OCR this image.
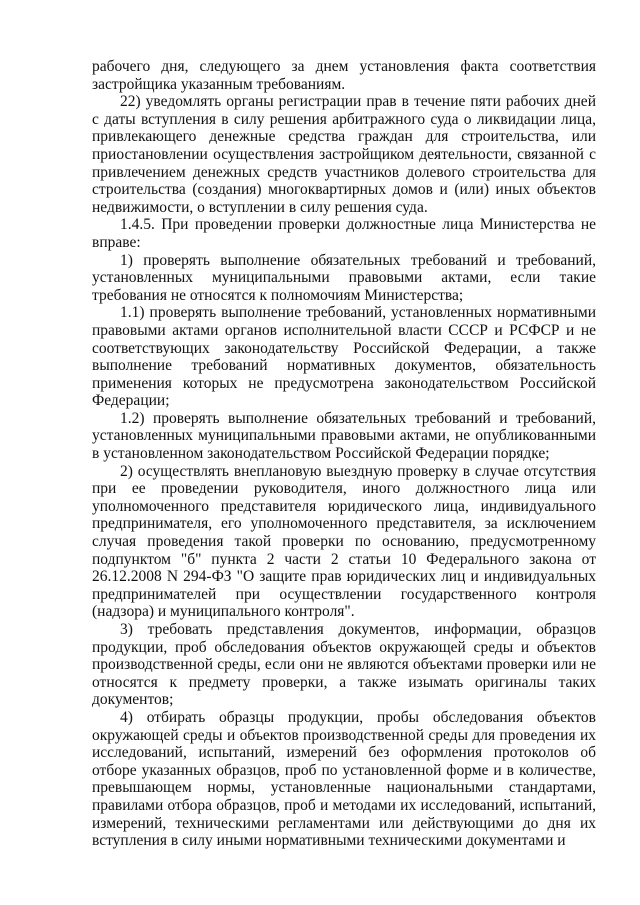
рабочего дня, следующего за днем установления факта соответствия застройщика указанным требованиям.

22) уведомлять органы регистрации прав в течение пяти рабочих дней с даты вступления в силу решения арбитражного суда о ликвидации лица, привлекающего денежные средства граждан для строительства, или приостановлении осуществления застройщиком деятельности, связанной с привлечением денежных средств участников долевого строительства для строительства (создания) многоквартирных домов и (или) иных объектов недвижимости, о вступлении в силу решения суда.

1.4.5. При проведении проверки должностные лица Министерства не вправе:

1) проверять выполнение обязательных требований и требований, установленных муниципальными правовыми актами, если такие требования не относятся к полномочиям Министерства;

1.1) проверять выполнение требований, установленных нормативными правовыми актами органов исполнительной власти СССР и РСФСР и не соответствующих законодательству Российской Федерации, а также выполнение требований нормативных документов, обязательность применения которых не предусмотрена законодательством Российской Федерации;

1.2) проверять выполнение обязательных требований и требований, установленных муниципальными правовыми актами, не опубликованными в установленном законодательством Российской Федерации порядке;

2) осуществлять внеплановую выездную проверку в случае отсутствия при ее проведении руководителя, иного должностного лица или уполномоченного представителя юридического лица, индивидуального предпринимателя, его уполномоченного представителя, за исключением случая проведения такой проверки по основанию, предусмотренному подпунктом "б" пункта 2 части 2 статьи 10 Федерального закона от 26.12.2008 N 294-ФЗ "О защите прав юридических лиц и индивидуальных предпринимателей при осуществлении государственного контроля (надзора) и муниципального контроля".

3) требовать представления документов, информации, образцов продукции, проб обследования объектов окружающей среды и объектов производственной среды, если они не являются объектами проверки или не относятся к предмету проверки, а также изымать оригиналы таких документов;

4) отбирать образцы продукции, пробы обследования объектов окружающей среды и объектов производственной среды для проведения их исследований, испытаний, измерений без оформления протоколов об отборе указанных образцов, проб по установленной форме и в количестве, превышающем нормы, установленные национальными стандартами, правилами отбора образцов, проб и методами их исследований, испытаний, измерений, техническими регламентами или действующими до дня их вступления в силу иными нормативными техническими документами и
